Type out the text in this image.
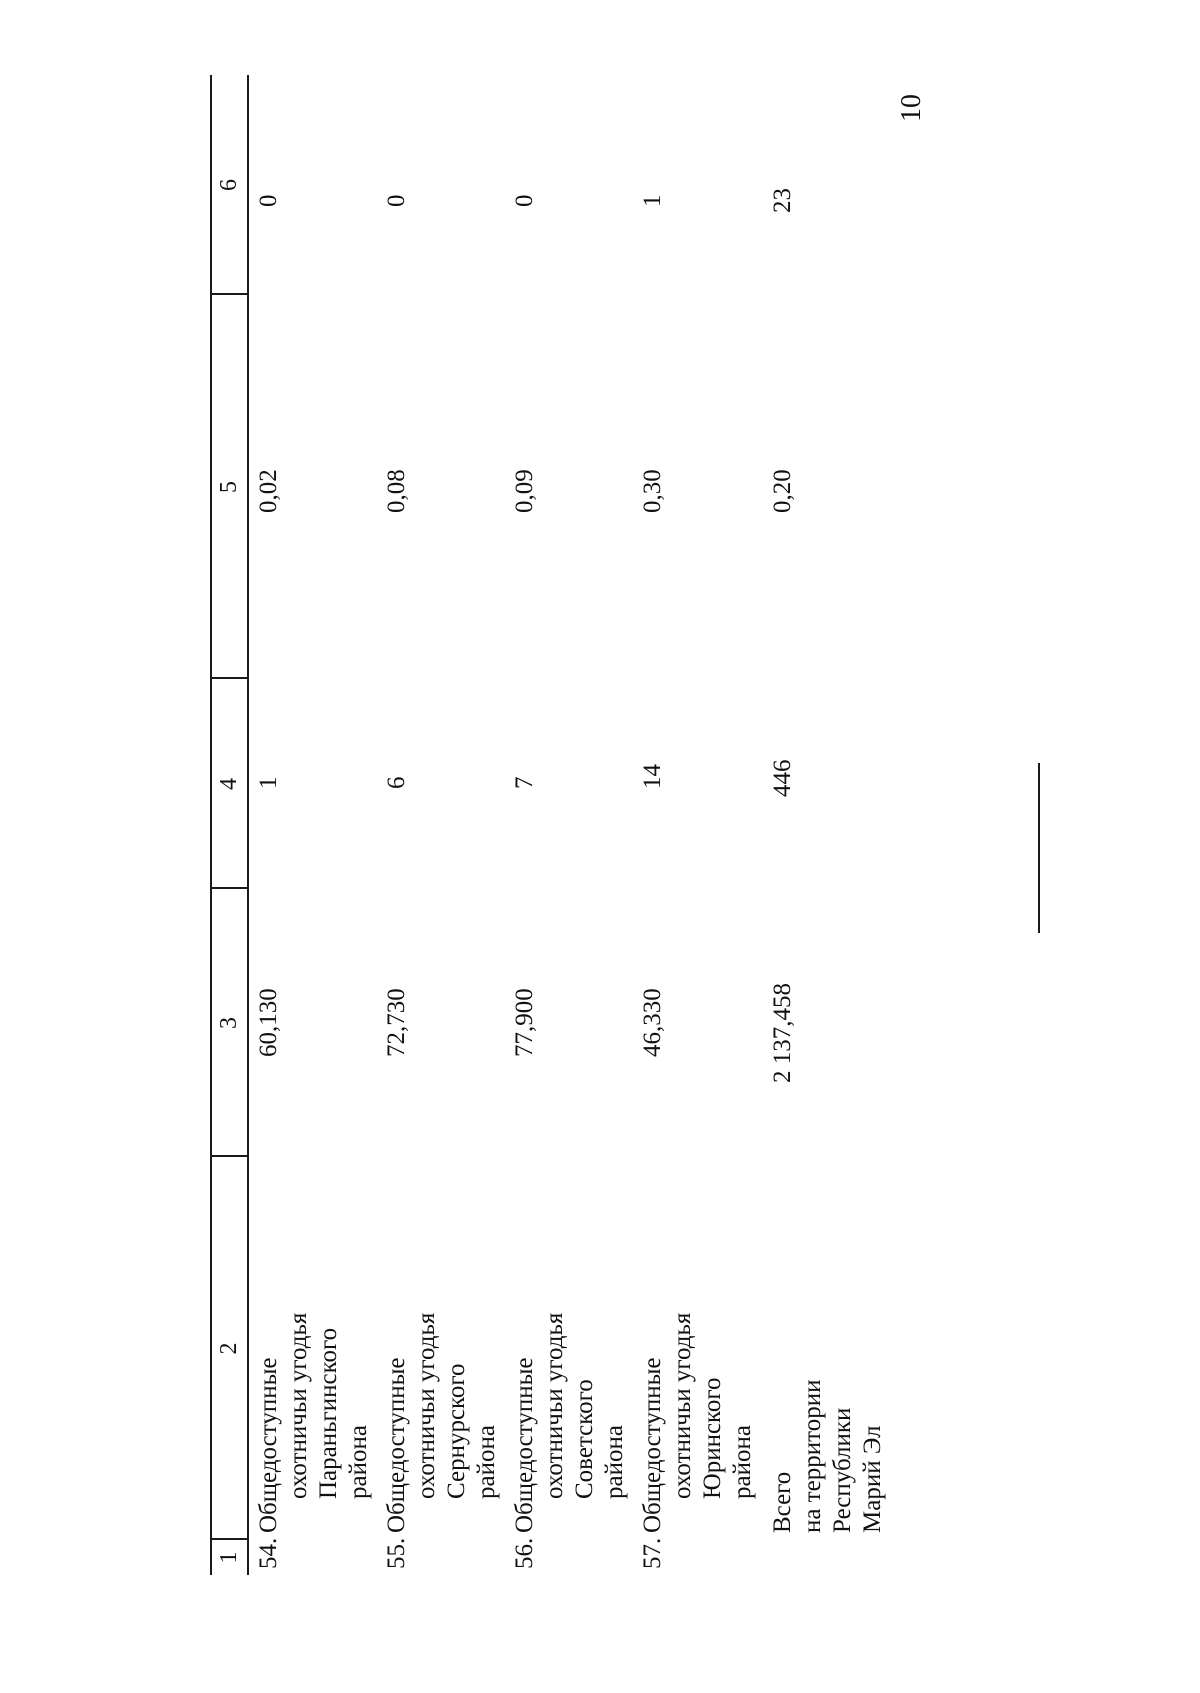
10
1
2
3
4
5
6
54.
Общедоступные охотничьи угодья Параньгинского района
60,130
1
0,02
0
55.
Общедоступные охотничьи угодья Сернурского района
72,730
6
0,08
0
56.
Общедоступные охотничьи угодья Советского района
77,900
7
0,09
0
57.
Общедоступные охотничьи угодья Юринского района
46,330
14
0,30
1
Всего на территории Республики Марий Эл
2 137,458
446
0,20
23
